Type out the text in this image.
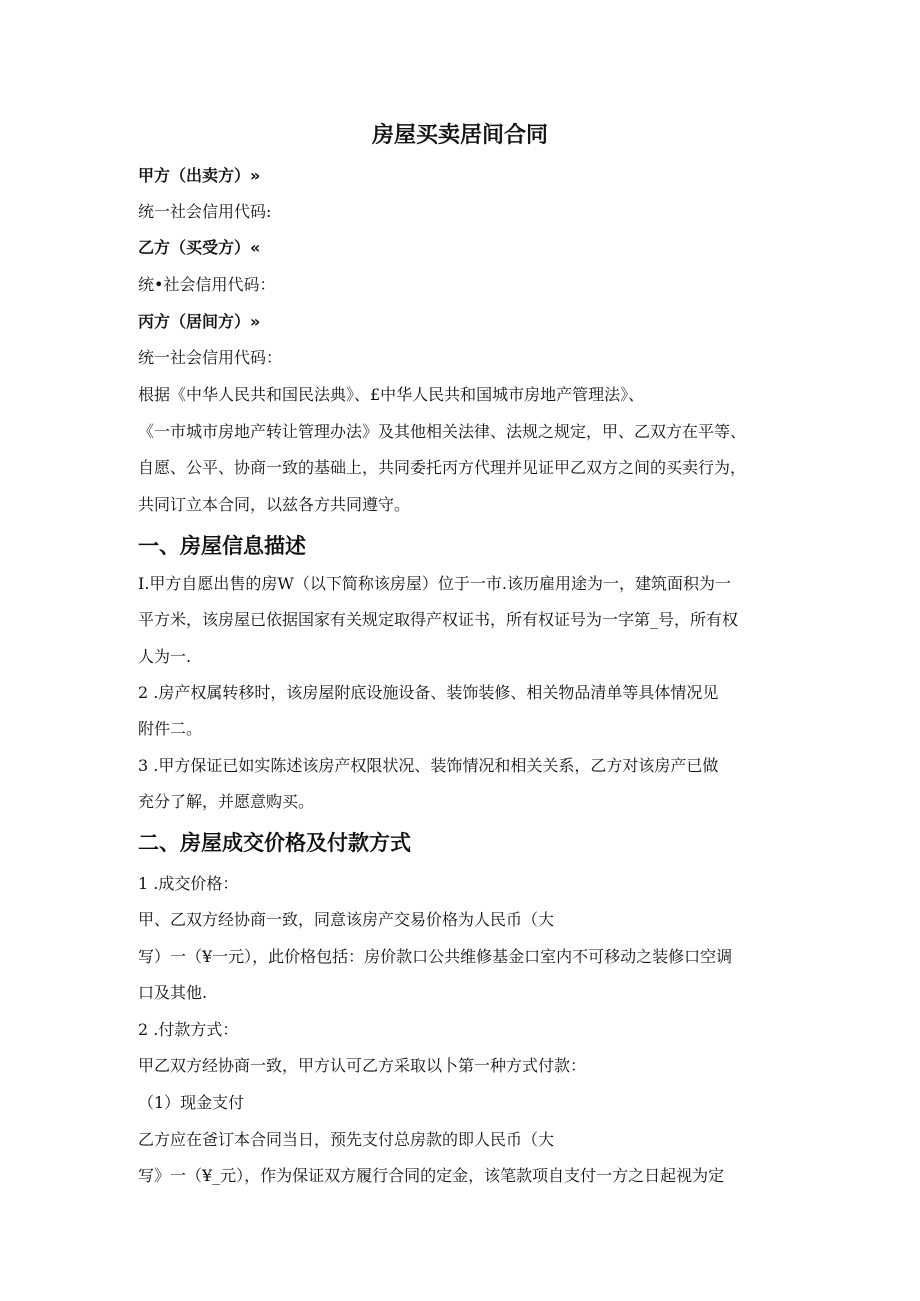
房屋买卖居间合同
甲方（出卖方）»
统一社会信用代码:
乙方（买受方）«
统•社会信用代码：
丙方（居间方）»
统一社会信用代码：
根据《中华人民共和国民法典》、£中华人民共和国城市房地产管理法》、
《一市城市房地产转让管理办法》及其他相关法律、法规之规定，甲、乙双方在平等、
自愿、公平、协商一致的基础上，共同委托丙方代理并见证甲乙双方之间的买卖行为，
共同订立本合同，以兹各方共同遵守。
一、房屋信息描述
I.甲方自愿出售的房W（以下简称该房屋）位于一市.该历雇用途为一，建筑面积为一
平方米，该房屋已依据国家有关规定取得产权证书，所有权证号为一字第_号，所有权
人为一.
2 .房产权属转移时，该房屋附底设施设备、装饰装修、相关物品清单等具体情况见
附件二。
3 .甲方保证已如实陈述该房产权限状况、装饰情况和相关关系，乙方对该房产已做
充分了解，并愿意购买。
二、房屋成交价格及付款方式
1 .成交价格：
甲、乙双方经协商一致，同意该房产交易价格为人民币（大
写）一（¥一元），此价格包括：房价款口公共维修基金口室内不可移动之装修口空调
口及其他.
2 .付款方式：
甲乙双方经协商一致，甲方认可乙方采取以卜第一种方式付款：
（1）现金支付
乙方应在爸订本合同当日，预先支付总房款的即人民币（大
写》一（¥_元），作为保证双方履行合同的定金，该笔款项自支付一方之日起视为定
